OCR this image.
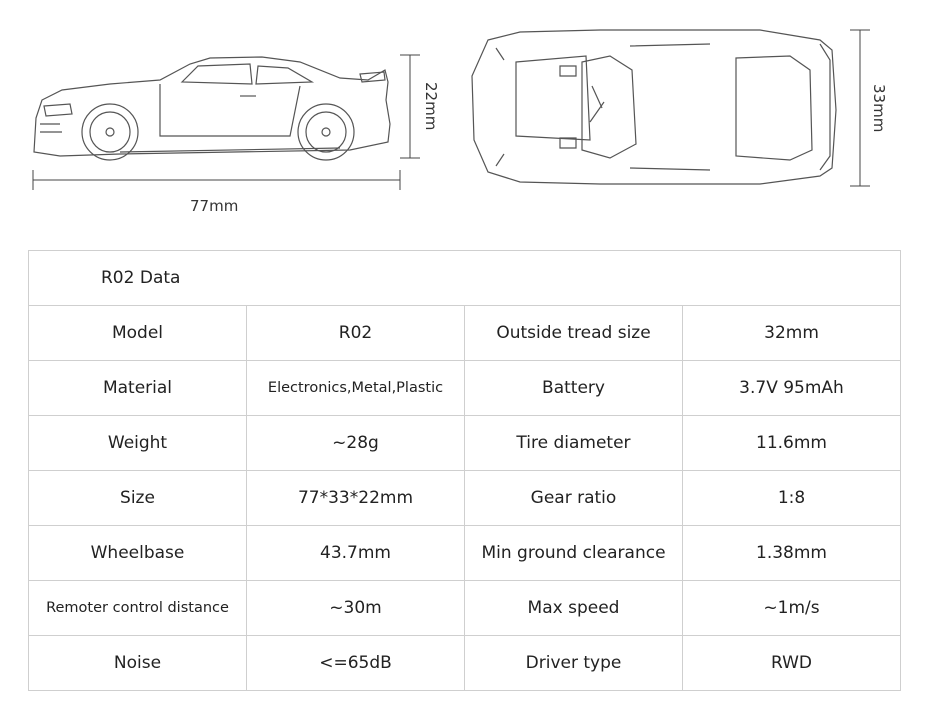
77mm
22mm	33mm
R02 Data			
Model	R02	Outside tread size	32mm
Material	Electronics,Metal,Plastic	Battery	3.7V 95mAh
Weight	~28g	Tire diameter	11.6mm
Size	77*33*22mm	Gear ratio	1:8
Wheelbase	43.7mm	Min ground clearance	1.38mm
Remoter control distance	~30m	Max speed	~1m/s
Noise	<=65dB	Driver type	RWD
